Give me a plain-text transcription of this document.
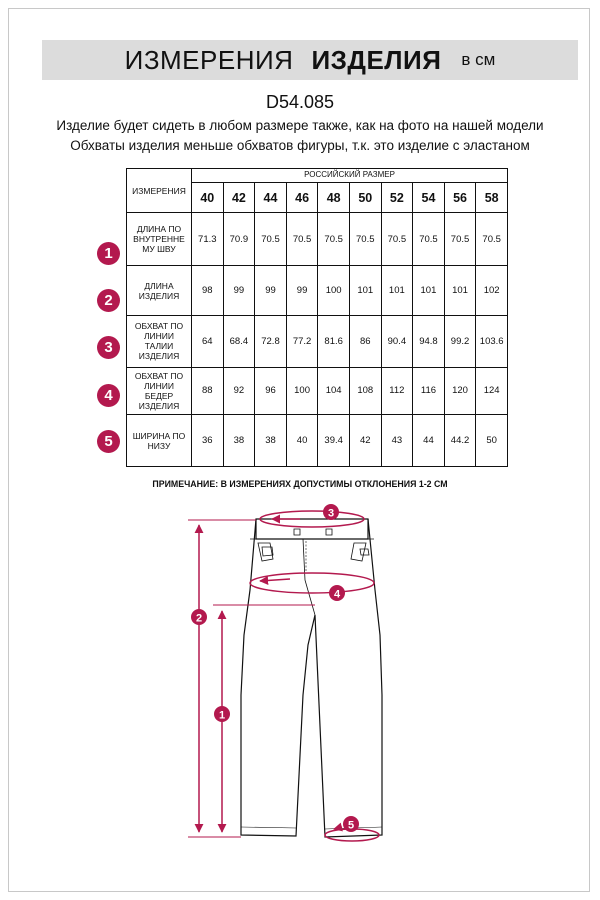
ИЗМЕРЕНИЯ ИЗДЕЛИЯ в см
D54.085
Изделие будет сидеть в любом размере также, как на фото на нашей модели
Обхваты изделия меньше обхватов фигуры, т.к. это изделие с эластаном
ИЗМЕРЕНИЯ	РОССИЙСКИЙ РАЗМЕР									
	40	42	44	46	48	50	52	54	56	58

ДЛИНА ПО
ВНУТРЕННЕ
МУ ШВУ	71.3	70.9	70.5	70.5	70.5	70.5	70.5	70.5	70.5	70.5

ДЛИНА
ИЗДЕЛИЯ	98	99	99	99	100	101	101	101	101	102

ОБХВАТ ПО
ЛИНИИ
ТАЛИИ
ИЗДЕЛИЯ	64	68.4	72.8	77.2	81.6	86	90.4	94.8	99.2	103.6

ОБХВАТ ПО
ЛИНИИ
БЕДЕР
ИЗДЕЛИЯ	88	92	96	100	104	108	112	116	120	124

ШИРИНА ПО
НИЗУ	36	38	38	40	39.4	42	43	44	44.2	50
1
2
3
4
5
ПРИМЕЧАНИЕ: В ИЗМЕРЕНИЯХ ДОПУСТИМЫ ОТКЛОНЕНИЯ 1-2 СМ
3
4
2
1
5
